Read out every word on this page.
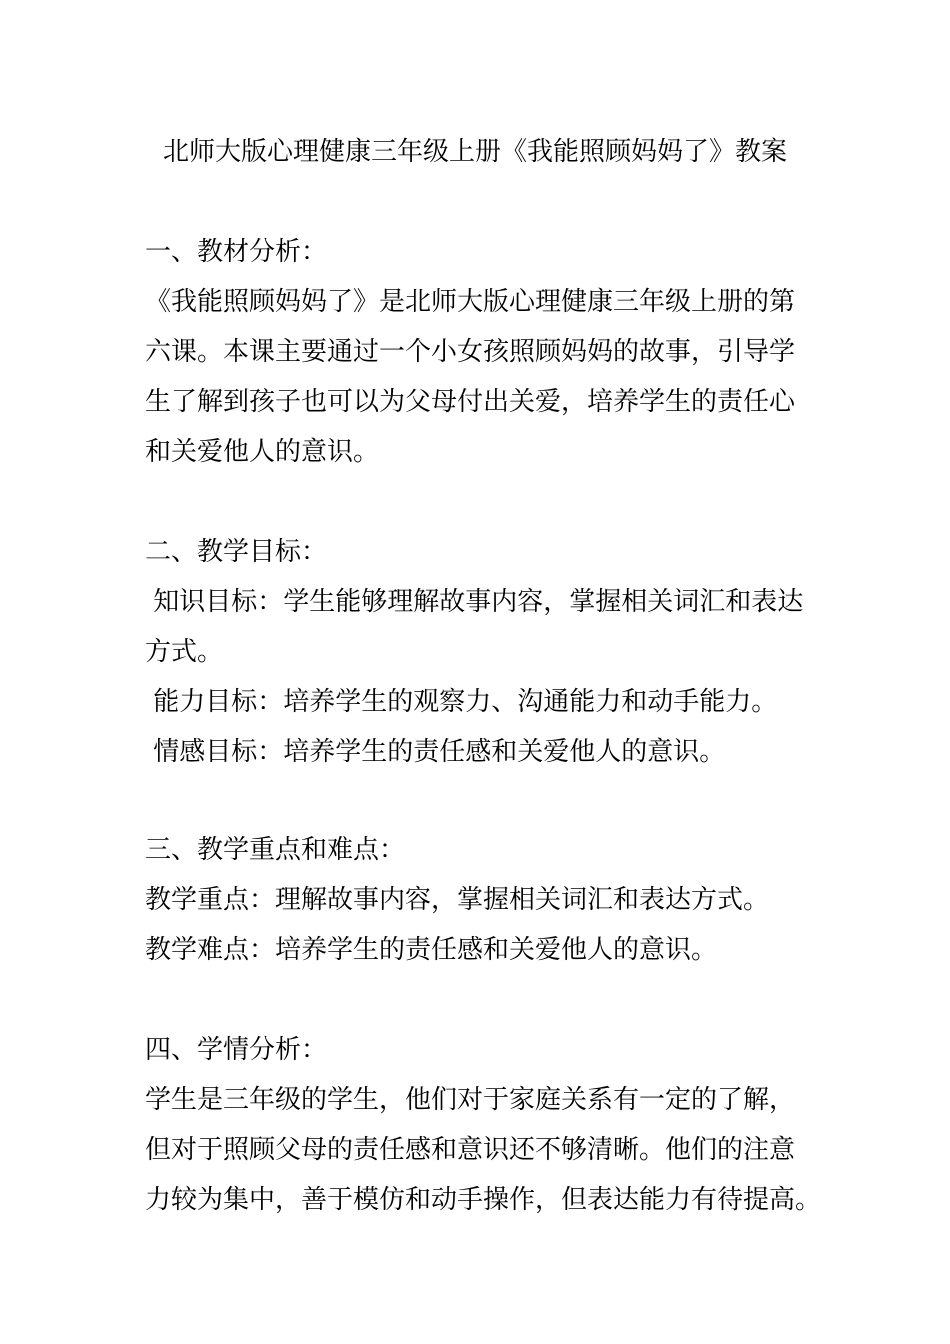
北师大版心理健康三年级上册《我能照顾妈妈了》教案
一、教材分析：
《我能照顾妈妈了》是北师大版心理健康三年级上册的第
六课。本课主要通过一个小女孩照顾妈妈的故事，引导学
生了解到孩子也可以为父母付出关爱，培养学生的责任心
和关爱他人的意识。
二、教学目标：
知识目标：学生能够理解故事内容，掌握相关词汇和表达
方式。
能力目标：培养学生的观察力、沟通能力和动手能力。
情感目标：培养学生的责任感和关爱他人的意识。
三、教学重点和难点：
教学重点：理解故事内容，掌握相关词汇和表达方式。
教学难点：培养学生的责任感和关爱他人的意识。
四、学情分析：
学生是三年级的学生，他们对于家庭关系有一定的了解，
但对于照顾父母的责任感和意识还不够清晰。他们的注意
力较为集中，善于模仿和动手操作，但表达能力有待提高。
